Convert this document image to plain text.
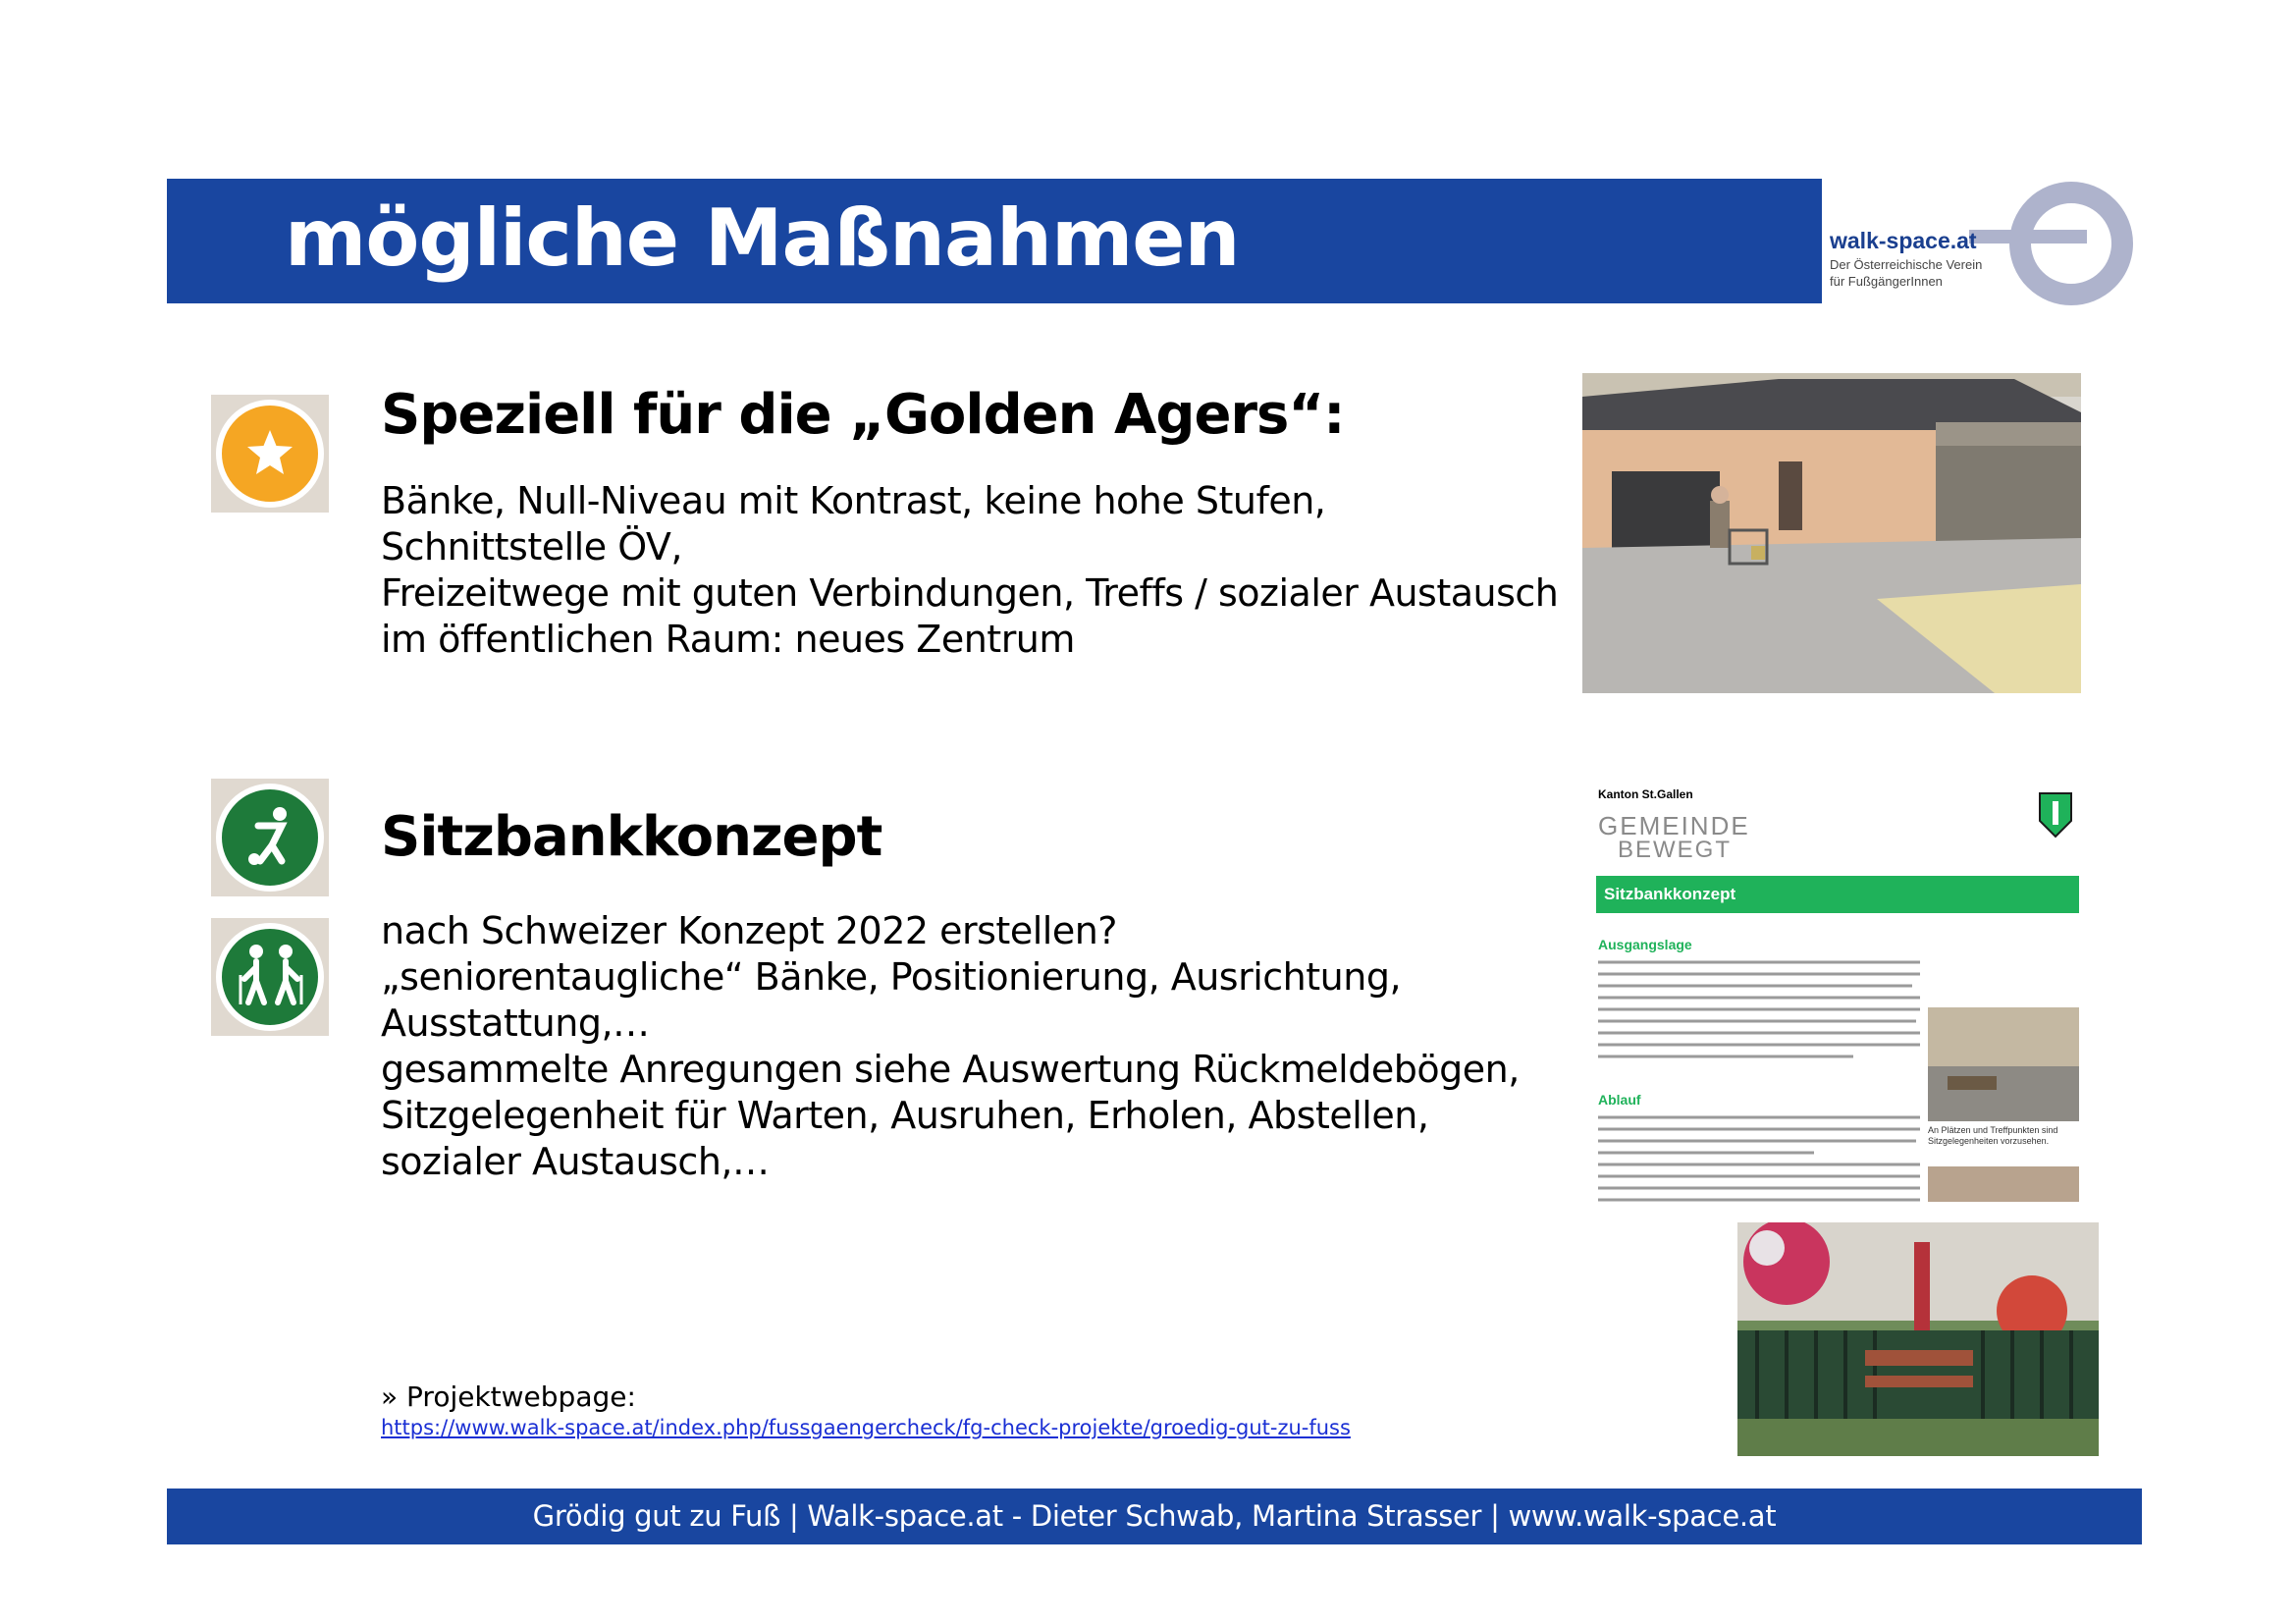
mögliche Maßnahmen	walk-space.at
Der Österreichische Verein
für FußgängerInnen
Speziell für die „Golden Agers“:
Bänke, Null-Niveau mit Kontrast, keine hohe Stufen,
Schnittstelle ÖV,
Freizeitwege mit guten Verbindungen, Treffs / sozialer Austausch
im öffentlichen Raum: neues Zentrum
Sitzbankkonzept
nach Schweizer Konzept 2022 erstellen?
„seniorentaugliche“ Bänke, Positionierung, Ausrichtung,
Ausstattung,…
gesammelte Anregungen siehe Auswertung Rückmeldebögen,
Sitzgelegenheit für Warten, Ausruhen, Erholen, Abstellen,
sozialer Austausch,…
Kanton St.Gallen
GEMEINDE
BEWEGT
Sitzbankkonzept
Ausgangslage
An Plätzen und Treffpunkten sind Sitzgelegenheiten vorzusehen.
Ablauf
» Projektwebpage:
https://www.walk-space.at/index.php/fussgaengercheck/fg-check-projekte/groedig-gut-zu-fuss
Grödig gut zu Fuß | Walk-space.at - Dieter Schwab, Martina Strasser | www.walk-space.at
